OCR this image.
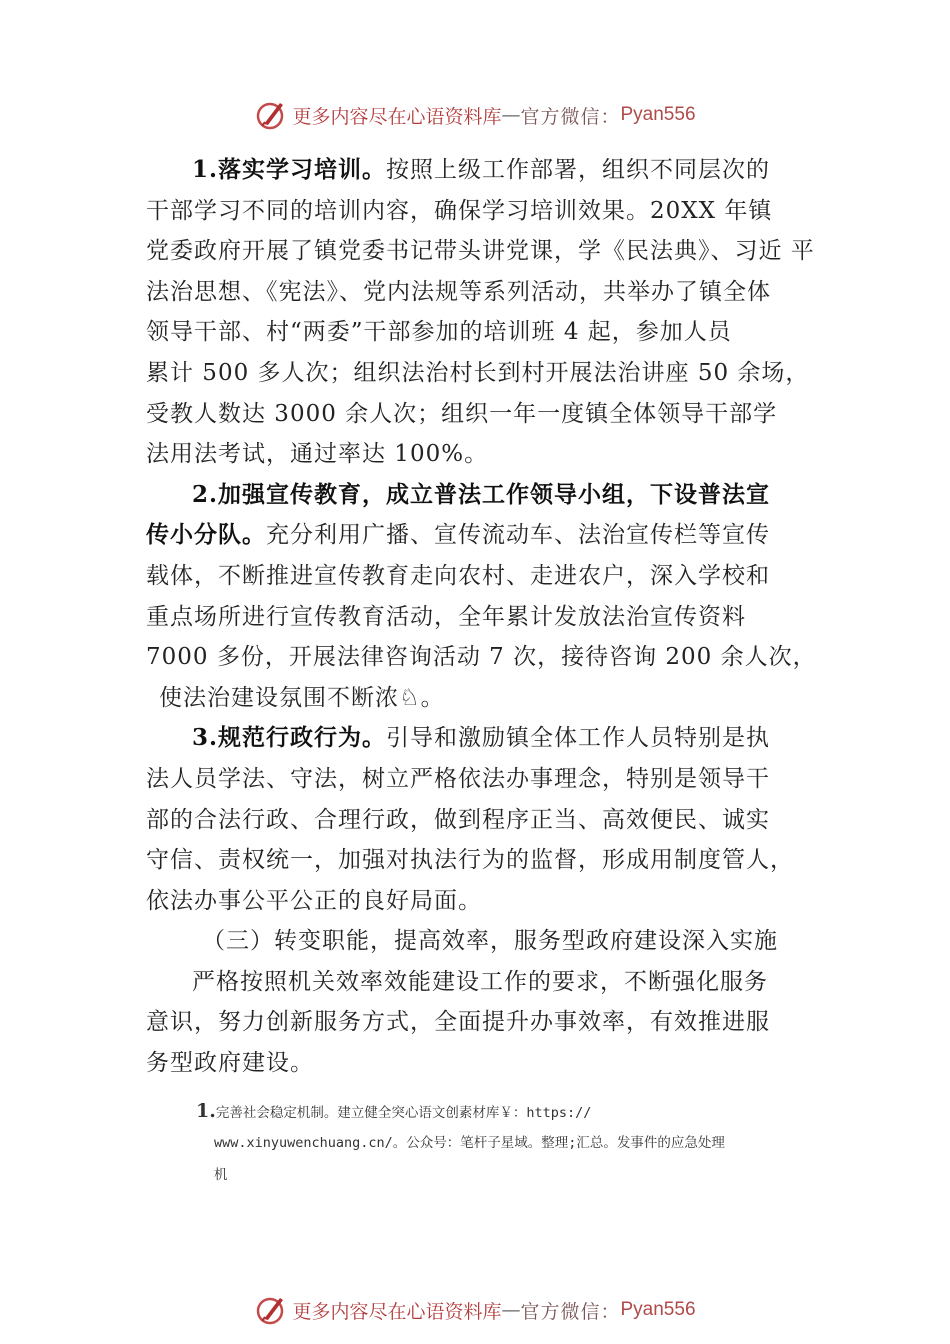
更多内容尽在心语资料库 — 官方微信： Pyan556
1.落实学习培训。按照上级工作部署，组织不同层次的
干部学习不同的培训内容，确保学习培训效果。20XX 年镇
党委政府开展了镇党委书记带头讲党课，学《民法典》、习近 平
法治思想、《宪法》、党内法规等系列活动，共举办了镇全体
领导干部、村“两委”干部参加的培训班 4 起，参加人员
累计 500 多人次；组织法治村长到村开展法治讲座 50 余场，
受教人数达 3000 余人次；组织一年一度镇全体领导干部学
法用法考试，通过率达 100%。
2.加强宣传教育，成立普法工作领导小组，下设普法宣
传小分队。充分利用广播、宣传流动车、法治宣传栏等宣传
载体，不断推进宣传教育走向农村、走进农户，深入学校和
重点场所进行宣传教育活动，全年累计发放法治宣传资料
7000 多份，开展法律咨询活动 7 次，接待咨询 200 余人次，
使法治建设氛围不断浓♘。
3.规范行政行为。引导和激励镇全体工作人员特别是执
法人员学法、守法，树立严格依法办事理念，特别是领导干
部的合法行政、合理行政，做到程序正当、高效便民、诚实
守信、责权统一，加强对执法行为的监督，形成用制度管人，
依法办事公平公正的良好局面。
（三）转变职能，提高效率，服务型政府建设深入实施
严格按照机关效率效能建设工作的要求，不断强化服务
意识，努力创新服务方式，全面提升办事效率，有效推进服
务型政府建设。
1.完善社会稳定机制。建立健全突心语文创素材库￥：https://
www.xinyuwenchuang.cn/。公众号：笔杆子星域。整理;汇总。发事件的应急处理
机
更多内容尽在心语资料库 — 官方微信： Pyan556
